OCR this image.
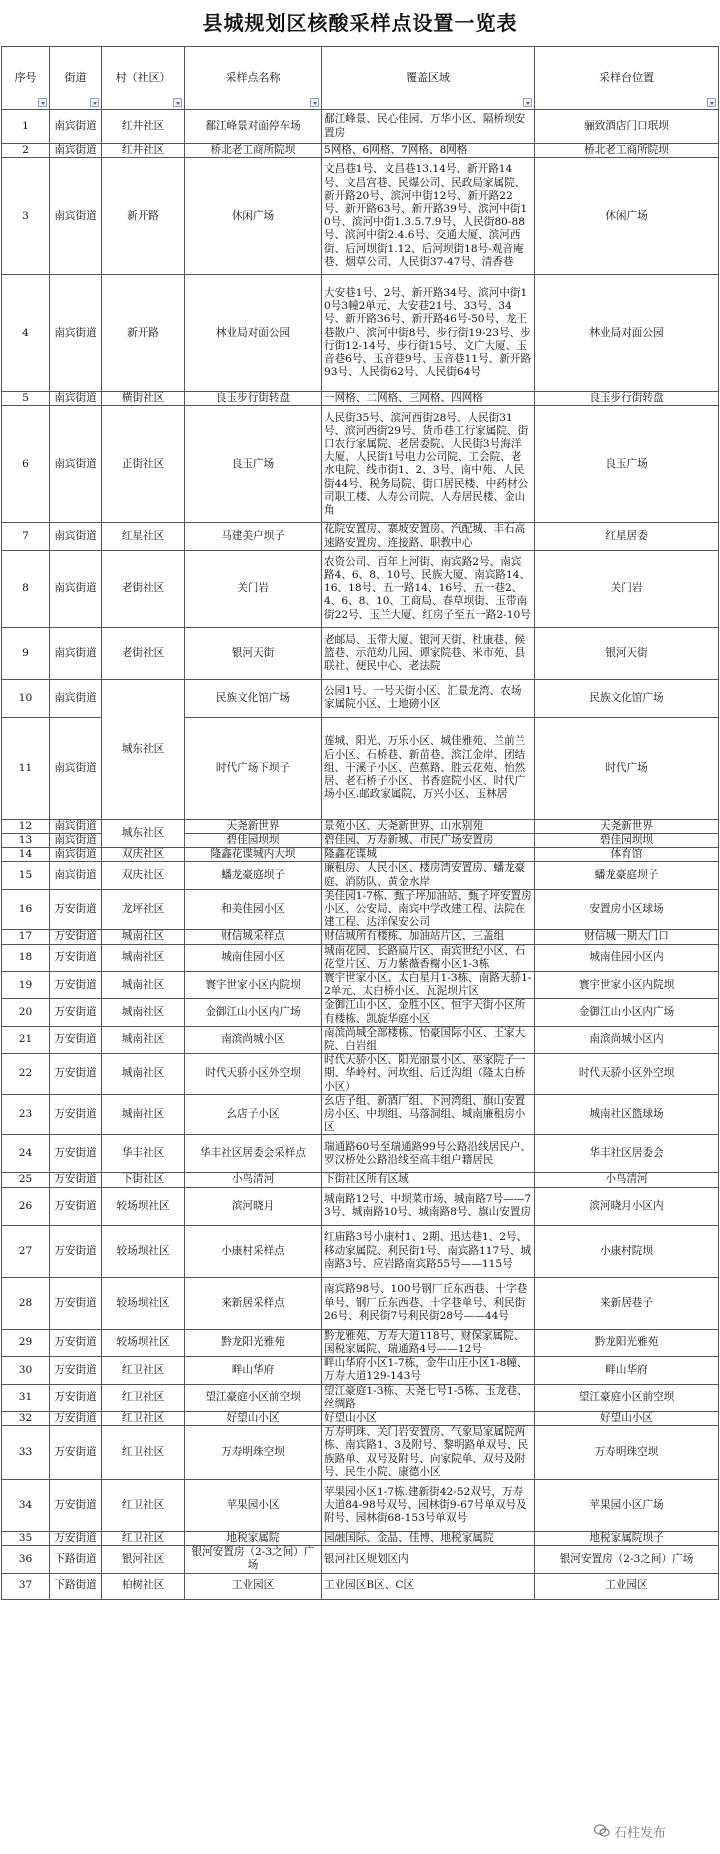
县城规划区核酸采样点设置一览表
序号	街道	村（社区）	采样点名称	覆盖区域	采样台位置

1	南宾街道	红井社区	鄱江峰景对面停车场	鄱江峰景、民心佳园、万华小区、隔桥坝安置房	骊致酒店门口珉坝
2	南宾街道	红井社区	桥北老工商所院坝	5网格、6网格、7网格、8网格	桥北老工商所院坝
3	南宾街道	新开路	休闲广场	文昌巷1号、文昌巷13.14号、新开路14号、文昌宫巷、民爆公司、民政局家属院、新开路20号、滨河中街12号、新开路22号、新开路63号、新开路39号、滨河中街10号、滨河中街1.3.5.7.9号、人民街80-88号、滨河中街2.4.6号、交通大厦、滨河西街、后河坝街1.12、后河坝街18号-观音庵巷、烟草公司、人民街37-47号、清香巷	休闲广场
4	南宾街道	新开路	林业局对面公园	大安巷1号、2号、新开路34号、滨河中街10号3幢2单元、大安巷21号、33号、34号、新开路36号、新开路46号-50号、龙王巷散户、滨河中街8号、步行街19-23号、步行街12-14号、步行街15号、文广大厦、玉音巷6号、玉音巷9号、玉音巷11号、新开路93号、人民街62号、人民街64号	林业局对面公园
5	南宾街道	横街社区	良玉步行街转盘	一网格、二网格、三网格、四网格	良玉步行街转盘
6	南宾街道	正街社区	良玉广场	人民街35号、滨河西街28号、人民街31号、滨河西街29号、货币巷工行家属院、街口农行家属院、老居委院、人民街3号海洋大厦、人民街1号电力公司院、工会院、老水电院、线市街1、2、3号、南中苑、人民街44号、税务局院、街口居民楼、中药材公司职工楼、人寿公司院、人寿居民楼、金山角	良玉广场
7	南宾街道	红星社区	马建美户坝子	花院安置房、寨坡安置房、汽配城、丰石高速路安置房、连接路、职教中心	红星居委
8	南宾街道	老街社区	关门岩	农资公司、百年上河街、南宾路2号、南宾路4、6、8、10号、民族大厦、南宾路14、16、18号、五一路14、16号、五一巷2、4、6、8、10、工商局、春草坝街、玉带南街22号、玉兰大厦、红房子至五一路2-10号	关门岩
9	南宾街道	老街社区	银河天街	老邮局、玉带大厦、银河天街、杜康巷、候篮巷、示范幼儿园、谭家院巷、米市苑、县联社、便民中心、老法院	银河天街
10	南宾街道	城东社区	民族文化馆广场	公园1号、一号天街小区、汇景龙湾、农场家属院小区、土地磅小区	民族文化馆广场
11	南宾街道		时代广场下坝子	莲城、阳光、万乐小区、城佳雅苑、兰前兰后小区、石桥巷、新苗巷、滨江金岸、团结组、干溪子小区、芭蕉路、胜云花苑、怡然居、老石桥子小区、书香庭院小区、时代广场小区.邮政家属院、万兴小区、玉林居	时代广场
12	南宾街道	城东社区	天尧新世界	景苑小区、天尧新世界、山水别苑	天尧新世界
13	南宾街道		碧佳园坝坝	碧佳园、万寿新城、市民广场安置房	碧佳园坝坝
14	南宾街道	双庆社区	隆鑫花谍城内大坝	隆鑫花谍城	体育馆
15	南宾街道	双庆社区	蟠龙豪庭坝子	廉租房、人民小区、楼房湾安置房、蟠龙豪庭、消防队、黄金水岸	蟠龙豪庭坝子
16	万安街道	龙坪社区	和美佳园小区	美佳园1-7栋、甄子坪加油站、甄子坪安置房小区、公安局、南宾中学改建工程、法院在建工程、达洋保安公司	安置房小区球场
17	万安街道	城南社区	财信城采样点	财信城所有楼栋、加油站片区、三盖组	财信城一期大门口
18	万安街道	城南社区	城南佳园小区	城南花园、长路扁片区、南宾世纪小区、石花堂片区、万力紫薇香榭小区1-3栋	城南佳园小区内
19	万安街道	城南社区	寰宇世家小区内院坝	寰宇世家小区、太白星月1-3栋、南路天骄1-2单元、太白桥小区、瓦泥坝片区	寰宇世家小区内院坝
20	万安街道	城南社区	金御江山小区内广场	金御江山小区、金胜小区、恒宇天街小区所有楼栋、凯旋华庭小区	金御江山小区内广场
21	万安街道	城南社区	南滨尚城小区	南滨尚城全部楼栋、怡豪国际小区、王家大院、白岩组	南滨尚城小区内
22	万安街道	城南社区	时代天骄小区外空坝	时代天骄小区、阳光丽景小区、巫家院子一期、华岭村、河坎组、后迁沟组（隆太白桥小区）	时代天骄小区外空坝
23	万安街道	城南社区	幺店子小区	幺店子组、新酒厂组、下河湾组、旗山安置房小区、中坝组、马落洞组、城南廉租房小区	城南社区篮球场
24	万安街道	华丰社区	华丰社区居委会采样点	瑞通路60号至瑞通路99号公路沿线居民户、罗汉桥处公路沿线至高丰组户籍居民	华丰社区居委会
25	万安街道	下街社区	小鸟清河	下街社区所有区域	小鸟清河
26	万安街道	较场坝社区	滨河晓月	城南路12号、中坝菜市场、城南路7号——73号、城南路10号、城南路8号、旗山安置房	滨河晓月小区内
27	万安街道	较场坝社区	小康村采样点	红庙路3号小康村1、2期、迅达巷1、2号、移动家属院、利民街1号、南宾路117号、城南路3号、应岩路南宾路55号——115号	小康村院坝
28	万安街道	较场坝社区	来新居采样点	南宾路98号、100号钢厂丘东西巷、十字巷单号、钢厂丘东西巷、十字巷单号、利民街26号、利民街7号利民街28号——44号	来新居巷子
29	万安街道	较场坝社区	黔龙阳光雅苑	黔龙雅苑、万寿大道118号、财保家属院、国税家属院、瑞通路4号——12号	黔龙阳光雅苑
30	万安街道	红卫社区	畔山华府	畔山华府小区1-7栋，金牛山庄小区1-8幢、万寿大道129-143号	畔山华府
31	万安街道	红卫社区	望江豪庭小区前空坝	望江豪庭1-3栋、天尧七号1-5栋、玉龙巷、丝绸路	望江豪庭小区前空坝
32	万安街道	红卫社区	好望山小区	好望山小区	好望山小区
33	万安街道	红卫社区	万寿明珠空坝	万寿明珠、关门岩安置房、气象局家属院两栋、南宾路1、3及附号、黎明路单双号、民族路单、双号及附号、向家院单、双号及附号、民生小院、康德小区	万寿明珠空坝
34	万安街道	红卫社区	苹果园小区	苹果园小区1-7栋.建新街42-52双号，万寿大道84-98号双号、园林街9-67号单双号及附号、园林街68-153号单双号	苹果园小区广场
35	万安街道	红卫社区	地税家属院	园融国际、金晶、佳博、地税家属院	地税家属院坝子
36	下路街道	银河社区	银河安置房（2-3之间）广场	银河社区规划区内	银河安置房（2-3之间）广场
37	下路街道	柏树社区	工业园区	工业园区B区、C区	工业园区
石柱发布
